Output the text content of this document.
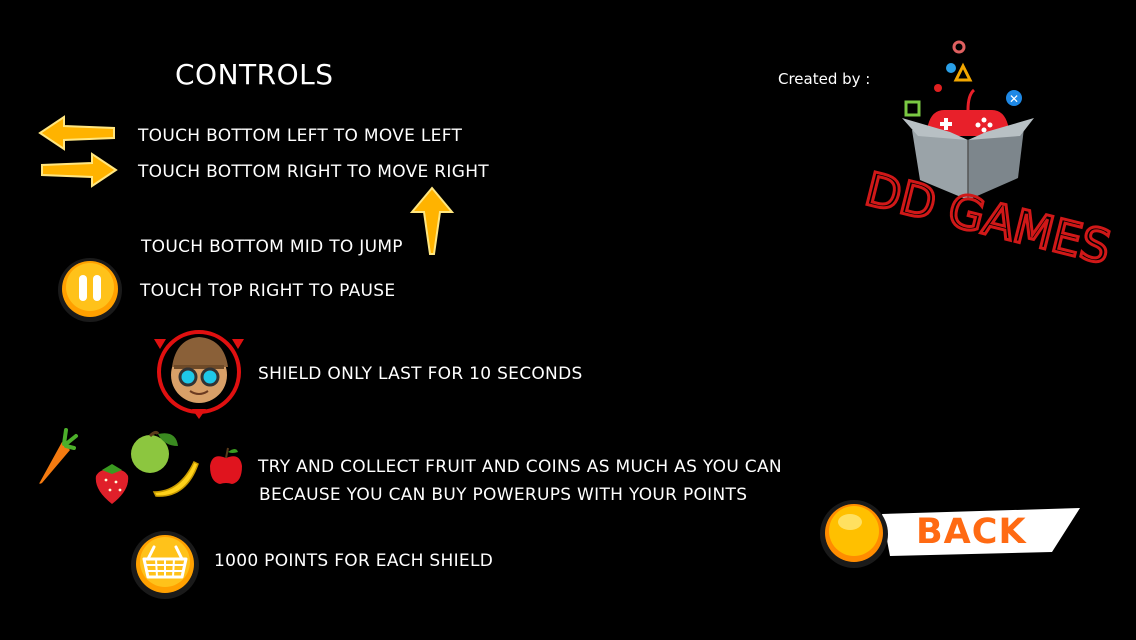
CONTROLS	Created by :
✕
DD GAMES
TOUCH BOTTOM LEFT TO MOVE LEFT
TOUCH BOTTOM RIGHT TO MOVE RIGHT
TOUCH BOTTOM MID TO JUMP
TOUCH TOP RIGHT TO PAUSE
SHIELD ONLY LAST FOR 10 SECONDS
TRY AND COLLECT FRUIT AND COINS AS MUCH AS YOU CAN
BECAUSE YOU CAN BUY POWERUPS WITH YOUR POINTS
1000 POINTS FOR EACH SHIELD
BACK
